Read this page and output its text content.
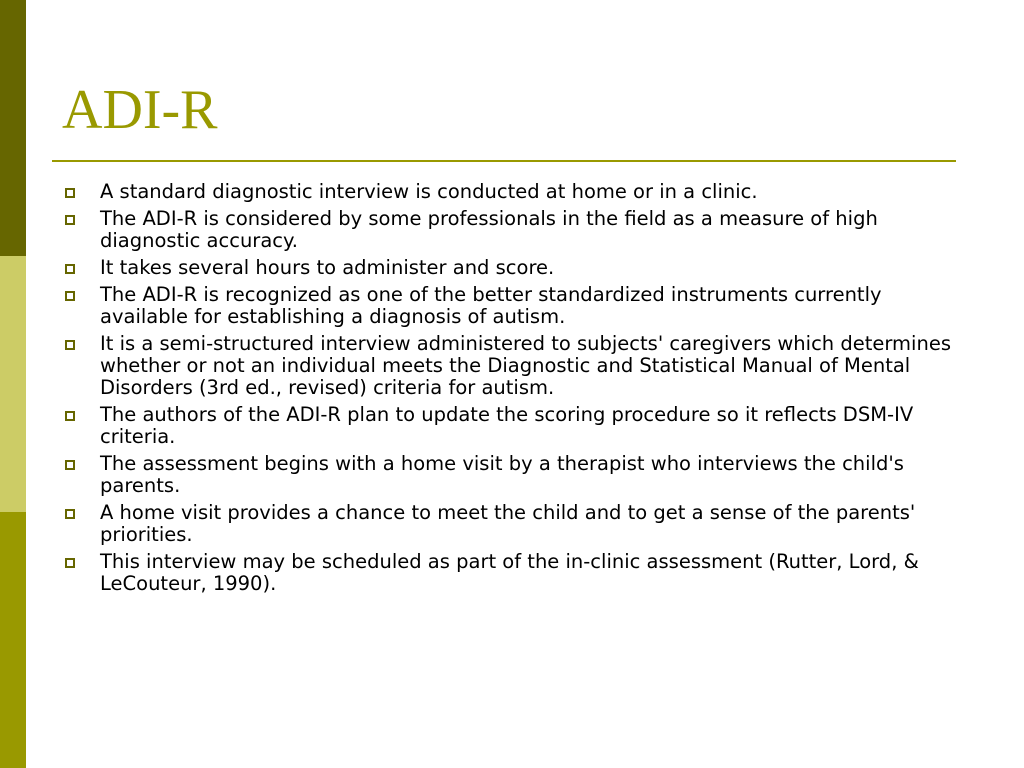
ADI-R
A standard diagnostic interview is conducted at home or in a clinic.
The ADI-R is considered by some professionals in the field as a measure of high diagnostic accuracy.
It takes several hours to administer and score.
The ADI-R is recognized as one of the better standardized instruments currently available for establishing a diagnosis of autism.
It is a semi-structured interview administered to subjects' caregivers which determines whether or not an individual meets the Diagnostic and Statistical Manual of Mental Disorders (3rd ed., revised) criteria for autism.
The authors of the ADI-R plan to update the scoring procedure so it reflects DSM-IV criteria.
The assessment begins with a home visit by a therapist who interviews the child's parents.
A home visit provides a chance to meet the child and to get a sense of the parents' priorities.
This interview may be scheduled as part of the in-clinic assessment (Rutter, Lord, & LeCouteur, 1990).
